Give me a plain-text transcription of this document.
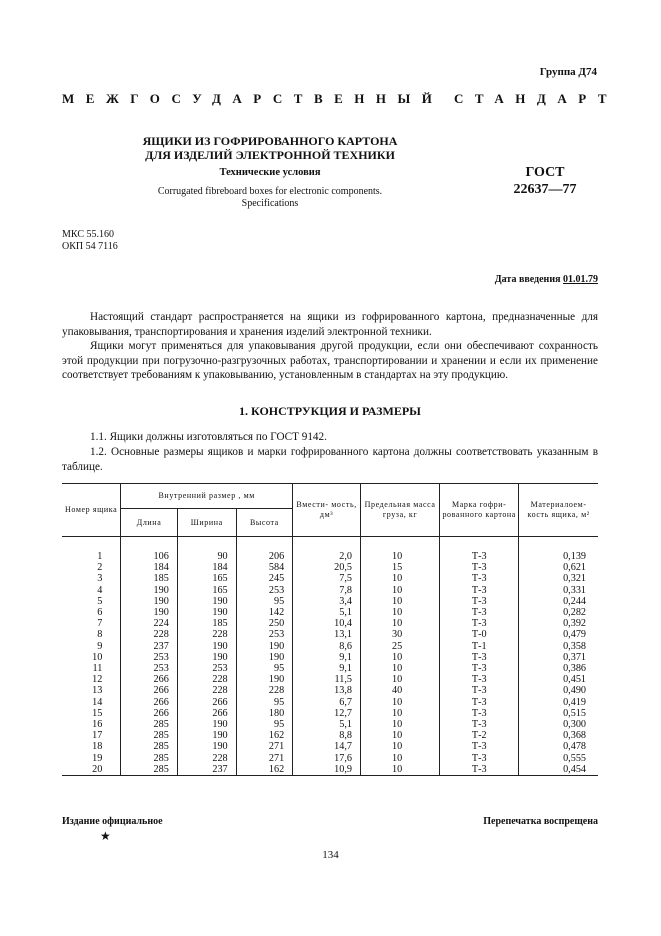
Группа Д74
МЕЖГОСУДАРСТВЕННЫЙ СТАНДАРТ
ЯЩИКИ ИЗ ГОФРИРОВАННОГО КАРТОНА
ДЛЯ ИЗДЕЛИЙ ЭЛЕКТРОННОЙ ТЕХНИКИ
Технические условия
Corrugated fibreboard boxes for electronic components.
Specifications
ГОСТ
22637—77
МКС 55.160
ОКП 54 7116
Дата введения 01.01.79
Настоящий стандарт распространяется на ящики из гофрированного картона, предназначенные для упаковывания, транспортирования и хранения изделий электронной техники.
Ящики могут применяться для упаковывания другой продукции, если они обеспечивают сохранность этой продукции при погрузочно-разгрузочных работах, транспортировании и хранении и если их применение соответствует требованиям к упаковыванию, установленным в стандартах на эту продукцию.
1. КОНСТРУКЦИЯ И РАЗМЕРЫ
1.1. Ящики должны изготовляться по ГОСТ 9142.
1.2. Основные размеры ящиков и марки гофрированного картона должны соответствовать указанным в таблице.
Номер ящика	Внутренний размер , мм			Вмести- мость, дм³	Предельная масса груза, кг	Марка гофри- рованного картона	Материалоем- кость ящика, м²
	Длина	Ширина	Высота				

1	106	90	206	2,0	10	Т-3	0,139
2	184	184	584	20,5	15	Т-3	0,621
3	185	165	245	7,5	10	Т-3	0,321
4	190	165	253	7,8	10	Т-3	0,331
5	190	190	95	3,4	10	Т-3	0,244
6	190	190	142	5,1	10	Т-3	0,282
7	224	185	250	10,4	10	Т-3	0,392
8	228	228	253	13,1	30	Т-0	0,479
9	237	190	190	8,6	25	Т-1	0,358
10	253	190	190	9,1	10	Т-3	0,371
11	253	253	95	9,1	10	Т-3	0,386
12	266	228	190	11,5	10	Т-3	0,451
13	266	228	228	13,8	40	Т-3	0,490
14	266	266	95	6,7	10	Т-3	0,419
15	266	266	180	12,7	10	Т-3	0,515
16	285	190	95	5,1	10	Т-3	0,300
17	285	190	162	8,8	10	Т-2	0,368
18	285	190	271	14,7	10	Т-3	0,478
19	285	228	271	17,6	10	Т-3	0,555
20	285	237	162	10,9	10	Т-3	0,454
Издание официальное
★
Перепечатка воспрещена
134
